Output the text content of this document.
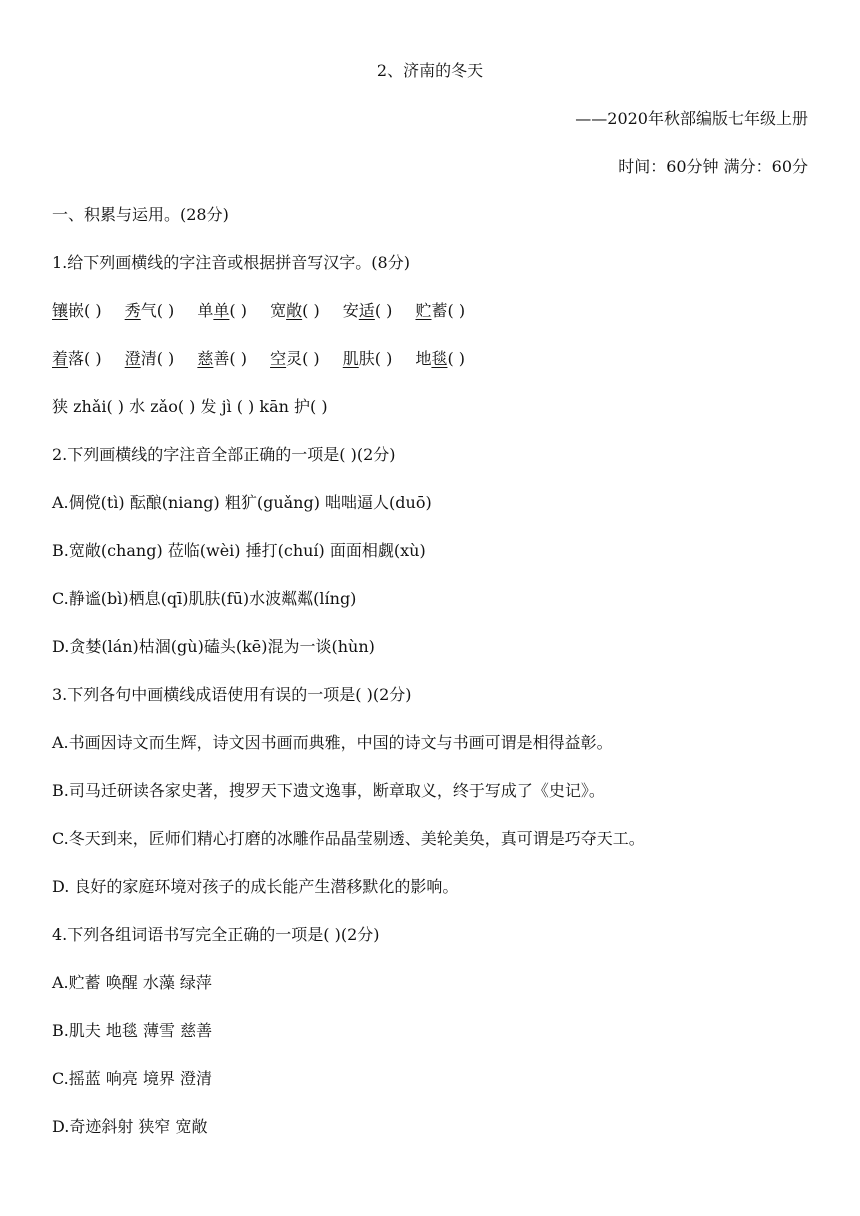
2、济南的冬天
——2020年秋部编版七年级上册
时间：60分钟 满分：60分
一、积累与运用。(28分)
1.给下列画横线的字注音或根据拼音写汉字。(8分)
镶嵌( ) 秀气( ) 单单( ) 宽敞( ) 安适( ) 贮蓄( )
着落( ) 澄清( ) 慈善( ) 空灵( ) 肌肤( ) 地毯( )
狭 zhǎi( ) 水 zǎo( ) 发 jì ( ) kān 护( )
2.下列画横线的字注音全部正确的一项是( )(2分)
A.倜傥(tì) 酝酿(niang) 粗犷(guǎng) 咄咄逼人(duō)
B.宽敞(chang) 莅临(wèi) 捶打(chuí) 面面相觑(xù)
C.静谧(bì)栖息(qī)肌肤(fū)水波粼粼(líng)
D.贪婪(lán)枯涸(gù)磕头(kē)混为一谈(hùn)
3.下列各句中画横线成语使用有误的一项是( )(2分)
A.书画因诗文而生辉，诗文因书画而典雅，中国的诗文与书画可谓是相得益彰。
B.司马迁研读各家史著，搜罗天下遗文逸事，断章取义，终于写成了《史记》。
C.冬天到来，匠师们精心打磨的冰雕作品晶莹剔透、美轮美奂，真可谓是巧夺天工。
D. 良好的家庭环境对孩子的成长能产生潜移默化的影响。
4.下列各组词语书写完全正确的一项是( )(2分)
A.贮蓄 唤醒 水藻 绿萍
B.肌夫 地毯 薄雪 慈善
C.摇蓝 响亮 境界 澄清
D.奇迹斜射 狭窄 宽敞
